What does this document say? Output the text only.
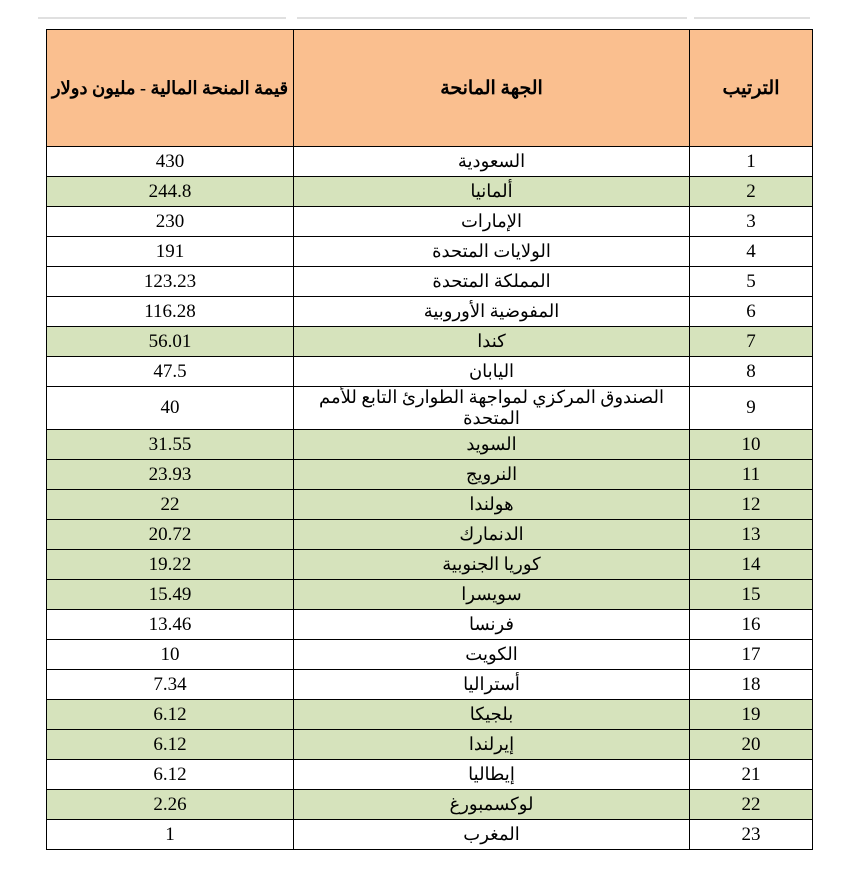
الترتيب	الجهة المانحة	قيمة المنحة المالية - مليون دولار
1	السعودية	430
2	ألمانيا	244.8
3	الإمارات	230
4	الولايات المتحدة	191
5	المملكة المتحدة	123.23
6	المفوضية الأوروبية	116.28
7	كندا	56.01
8	اليابان	47.5
9	الصندوق المركزي لمواجهة الطوارئ التابع للأمم المتحدة	40
10	السويد	31.55
11	النرويج	23.93
12	هولندا	22
13	الدنمارك	20.72
14	كوريا الجنوبية	19.22
15	سويسرا	15.49
16	فرنسا	13.46
17	الكويت	10
18	أستراليا	7.34
19	بلجيكا	6.12
20	إيرلندا	6.12
21	إيطاليا	6.12
22	لوكسمبورغ	2.26
23	المغرب	1
